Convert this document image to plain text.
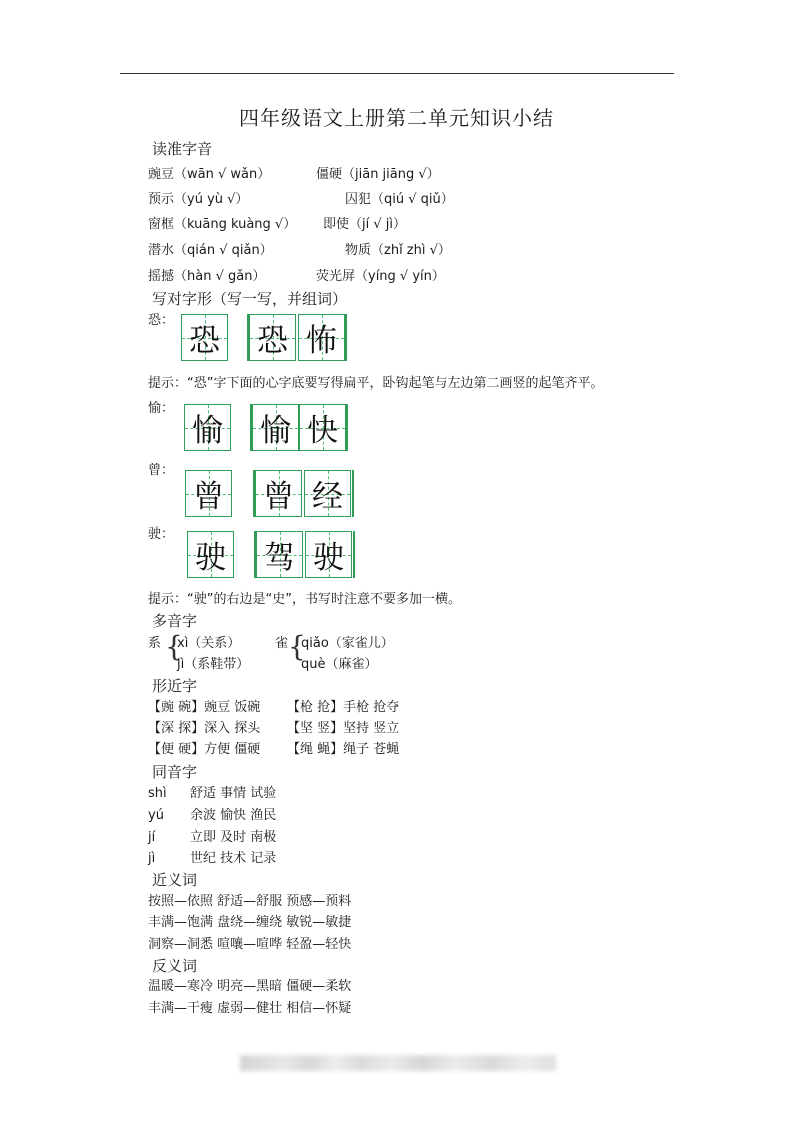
四年级语文上册第二单元知识小结
读准字音
豌豆（wān √ wǎn）	僵硬（jiān jiāng √）
预示（yú yù √）	囚犯（qiú √ qiǔ）
窗框（kuāng kuàng √） 即使（jí √ jì）
潜水（qián √ qiǎn）	物质（zhǐ zhì √）
摇撼（hàn √ gǎn）	荧光屏（yíng √ yín）
写对字形（写一写，并组词）
恐：
恐 恐 怖
提示：“恐”字下面的心字底要写得扁平，卧钩起笔与左边第二画竖的起笔齐平。
愉：
愉 愉 快
曾：
曾 曾 经
驶：
驶 驾 驶
提示：“驶”的右边是“史”，书写时注意不要多加一横。
多音字
系 {
xì（关系）
jì（系鞋带）
雀 {
qiǎo（家雀儿）
què（麻雀）
形近字
【豌 碗】豌豆 饭碗 【枪 抢】手枪 抢夺
【深 探】深入 探头 【坚 竖】坚持 竖立
【便 硬】方便 僵硬 【绳 蝇】绳子 苍蝇
同音字
shì 舒适 事情 试验
yú 余波 愉快 渔民
jí	立即 及时 南极
jì	世纪 技术 记录
近义词
按照—依照 舒适—舒服 预感—预料
丰满—饱满 盘绕—缠绕 敏锐—敏捷
洞察—洞悉 喧嚷—喧哗 轻盈—轻快
反义词
温暖—寒冷 明亮—黑暗 僵硬—柔软
丰满—干瘦 虚弱—健壮 相信—怀疑
